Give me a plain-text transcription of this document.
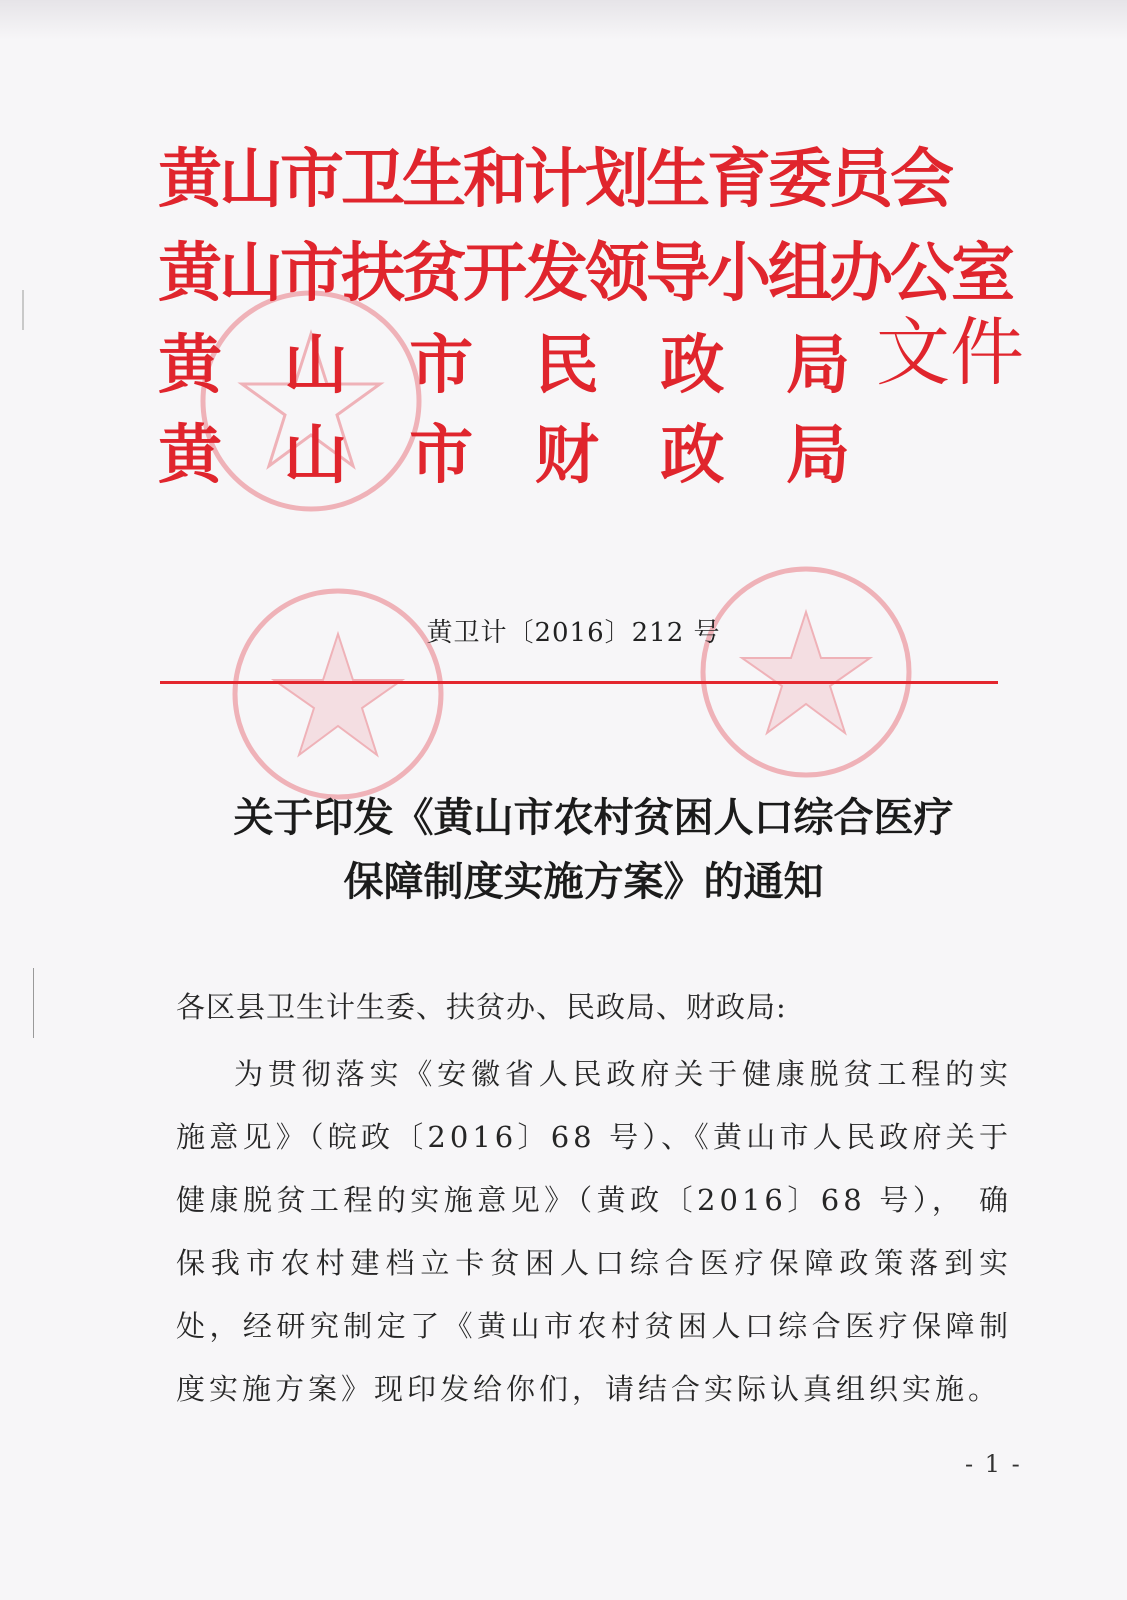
黄山市卫生和计划生育委员会
黄山市扶贫开发领导小组办公室
黄 山 市 民 政 局
黄 山 市 财 政 局
文件
黄卫计〔2016〕212 号
关于印发《黄山市农村贫困人口综合医疗
保障制度实施方案》的通知
各区县卫生计生委、扶贫办、民政局、财政局:
为贯彻落实《安徽省人民政府关于健康脱贫工程的实施意见》（皖政〔2016〕68 号）、《黄山市人民政府关于健康脱贫工程的实施意见》（黄政〔2016〕68 号）， 确保我市农村建档立卡贫困人口综合医疗保障政策落到实处，经研究制定了《黄山市农村贫困人口综合医疗保障制度实施方案》现印发给你们，请结合实际认真组织实施。
- 1 -
